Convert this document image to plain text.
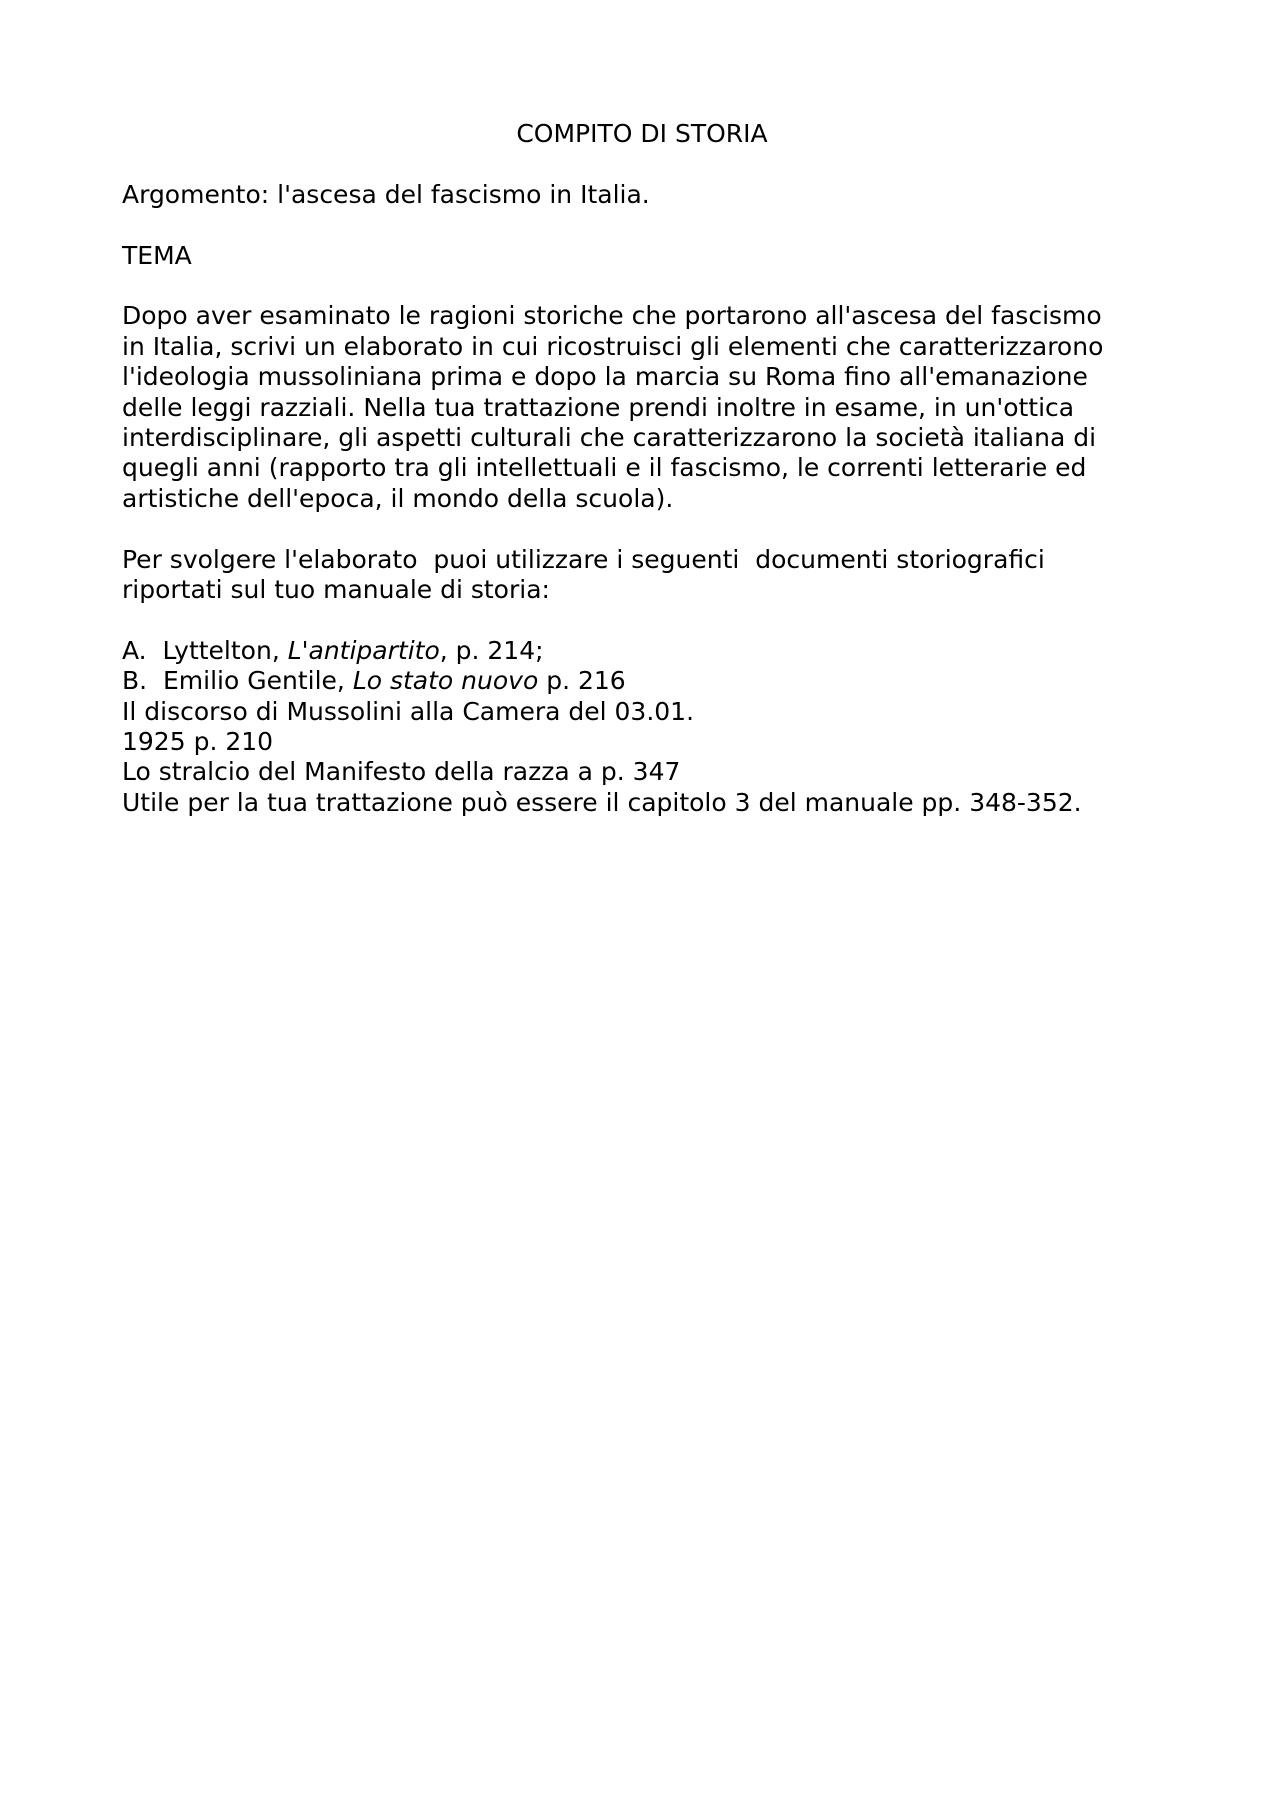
COMPITO DI STORIA

Argomento: l'ascesa del fascismo in Italia.

TEMA

Dopo aver esaminato le ragioni storiche che portarono all'ascesa del fascismo
in Italia, scrivi un elaborato in cui ricostruisci gli elementi che caratterizzarono
l'ideologia mussoliniana prima e dopo la marcia su Roma fino all'emanazione
delle leggi razziali. Nella tua trattazione prendi inoltre in esame, in un'ottica
interdisciplinare, gli aspetti culturali che caratterizzarono la società italiana di
quegli anni (rapporto tra gli intellettuali e il fascismo, le correnti letterarie ed
artistiche dell'epoca, il mondo della scuola).

Per svolgere l'elaborato  puoi utilizzare i seguenti  documenti storiografici
riportati sul tuo manuale di storia:

A. Lyttelton, L'antipartito, p. 214;
B. Emilio Gentile, Lo stato nuovo p. 216
Il discorso di Mussolini alla Camera del 03.01.
1925 p. 210
Lo stralcio del Manifesto della razza a p. 347
Utile per la tua trattazione può essere il capitolo 3 del manuale pp. 348-352.
